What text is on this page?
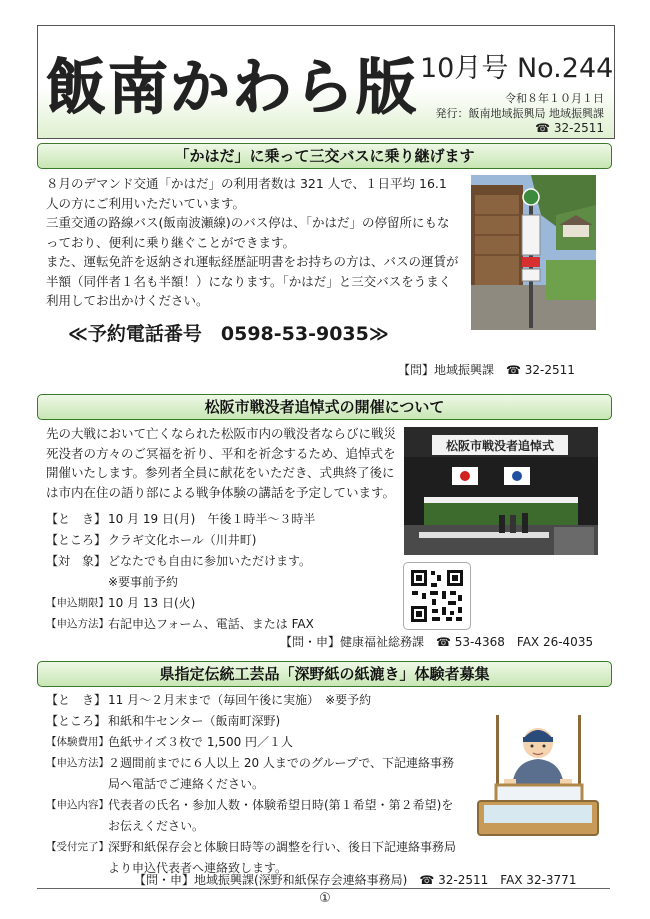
飯南かわら版 10月号 No.244
令和８年１０月１日
発行：飯南地域振興局 地域振興課
☎ 32-2511
「かはだ」に乗って三交バスに乗り継げます

８月のデマンド交通「かはだ」の利用者数は 321 人で、１日平均 16.1 人の方にご利用いただいています。

三重交通の路線バス(飯南波瀬線)のバス停は、「かはだ」の停留所にもなっており、便利に乗り継ぐことができます。

また、運転免許を返納され運転経歴証明書をお持ちの方は、バスの運賃が半額（同伴者１名も半額！）になります。「かはだ」と三交バスをうまく利用してお出かけください。

≪予約電話番号　0598-53-9035≫
【問】地域振興課　☎ 32-2511
松阪市戦没者追悼式の開催について

先の大戦において亡くなられた松阪市内の戦没者ならびに戦災死没者の方々のご冥福を祈り、平和を祈念するため、追悼式を開催いたします。参列者全員に献花をいただき、式典終了後には市内在住の語り部による戦争体験の講話を予定しています。

松阪市戦没者追悼式
【と　き】 10 月 19 日(月)　午後１時半～３時半
【ところ】 クラギ文化ホール（川井町)
【対　象】 どなたでも自由に参加いただけます。
※要事前予約
【申込期限】 10 月 13 日(火)
【申込方法】 右記申込フォーム、電話、または FAX
【問・申】健康福祉総務課　☎ 53-4368　FAX 26-4035
県指定伝統工芸品「深野紙の紙漉き」体験者募集
【と　き】 11 月～２月末まで（毎回午後に実施）　※要予約
【ところ】 和紙和牛センター（飯南町深野)
【体験費用】 色紙サイズ３枚で 1,500 円／１人
【申込方法】 ２週間前までに６人以上 20 人までのグループで、下記連絡事務
局へ電話でご連絡ください。
【申込内容】 代表者の氏名・参加人数・体験希望日時(第１希望・第２希望)を
お伝えください。
【受付完了】 深野和紙保存会と体験日時等の調整を行い、後日下記連絡事務局
より申込代表者へ連絡致します。
【問・申】地域振興課(深野和紙保存会連絡事務局)　☎ 32-2511　FAX 32-3771
①
